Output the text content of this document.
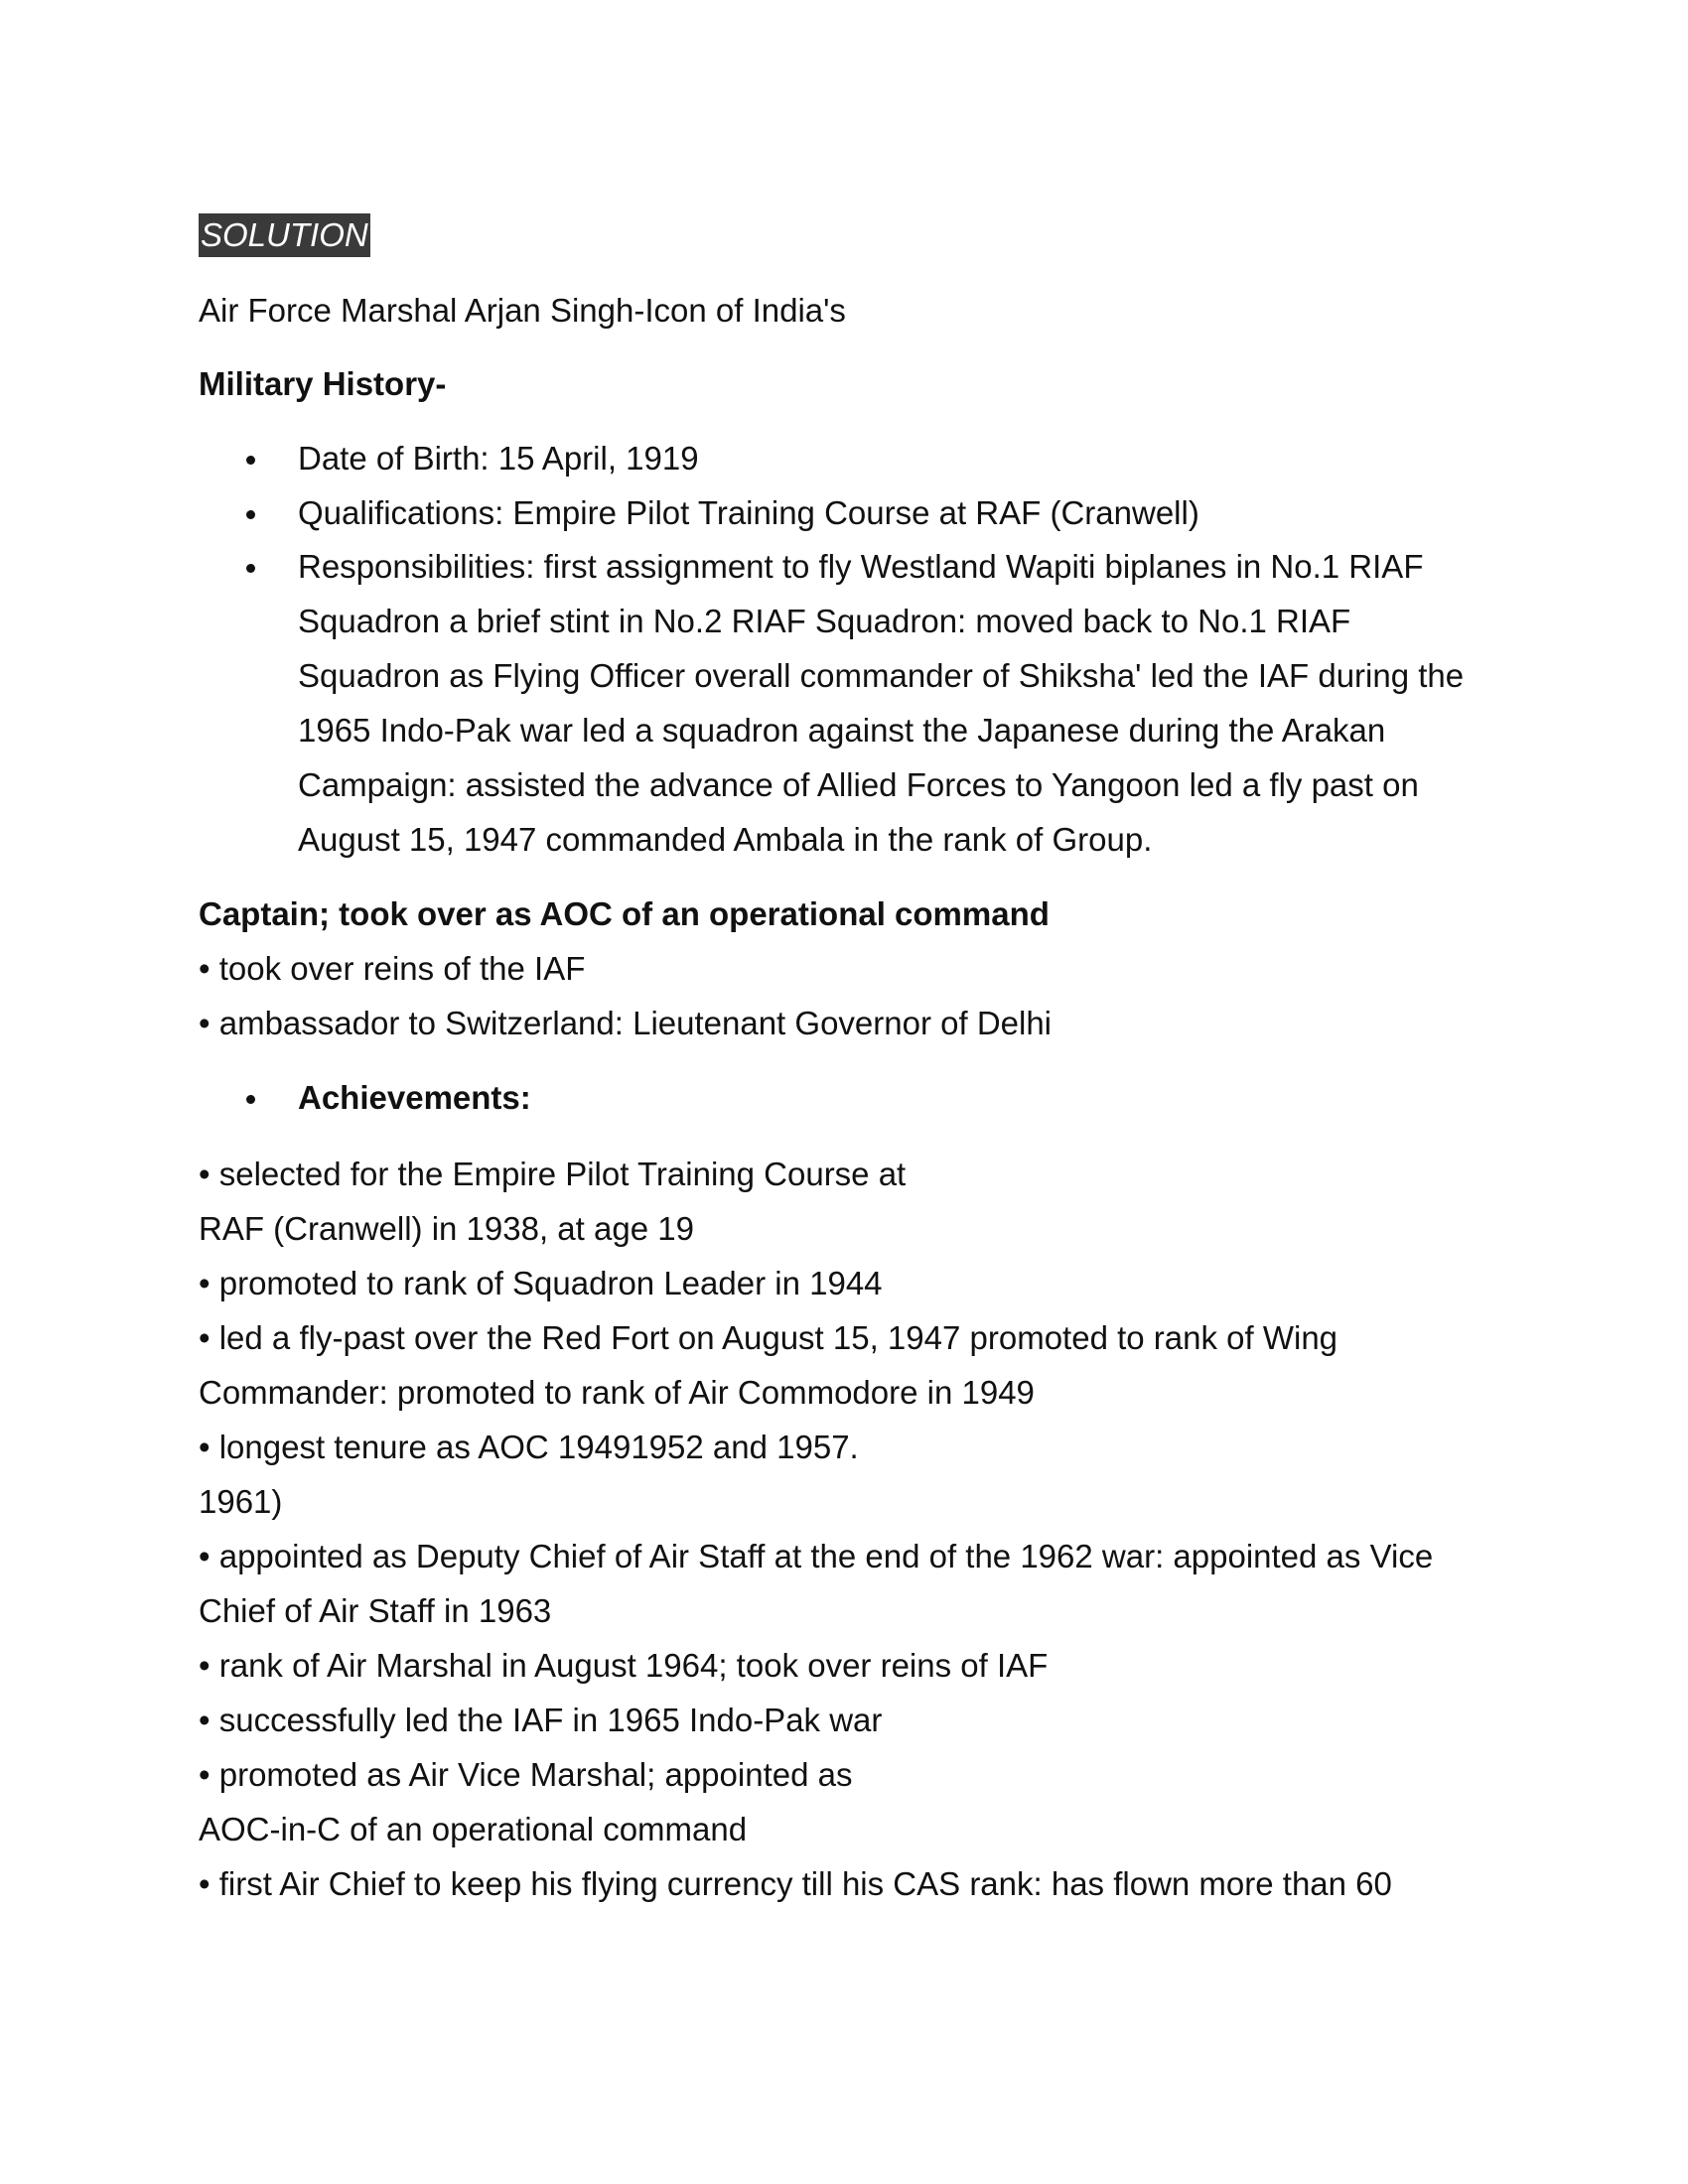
SOLUTION
Air Force Marshal Arjan Singh-Icon of India's
Military History-
Date of Birth: 15 April, 1919
Qualifications: Empire Pilot Training Course at RAF (Cranwell)
Responsibilities: first assignment to fly Westland Wapiti biplanes in No.1 RIAF
Squadron a brief stint in No.2 RIAF Squadron: moved back to No.1 RIAF
Squadron as Flying Officer overall commander of Shiksha' led the IAF during the
1965 Indo-Pak war led a squadron against the Japanese during the Arakan
Campaign: assisted the advance of Allied Forces to Yangoon led a fly past on
August 15, 1947 commanded Ambala in the rank of Group.
Captain; took over as AOC of an operational command
• took over reins of the IAF
• ambassador to Switzerland: Lieutenant Governor of Delhi
Achievements:
• selected for the Empire Pilot Training Course at
RAF (Cranwell) in 1938, at age 19
• promoted to rank of Squadron Leader in 1944
• led a fly-past over the Red Fort on August 15, 1947 promoted to rank of Wing
Commander: promoted to rank of Air Commodore in 1949
• longest tenure as AOC 19491952 and 1957.
1961)
• appointed as Deputy Chief of Air Staff at the end of the 1962 war: appointed as Vice
Chief of Air Staff in 1963
• rank of Air Marshal in August 1964; took over reins of IAF
• successfully led the IAF in 1965 Indo-Pak war
• promoted as Air Vice Marshal; appointed as
AOC-in-C of an operational command
• first Air Chief to keep his flying currency till his CAS rank: has flown more than 60
